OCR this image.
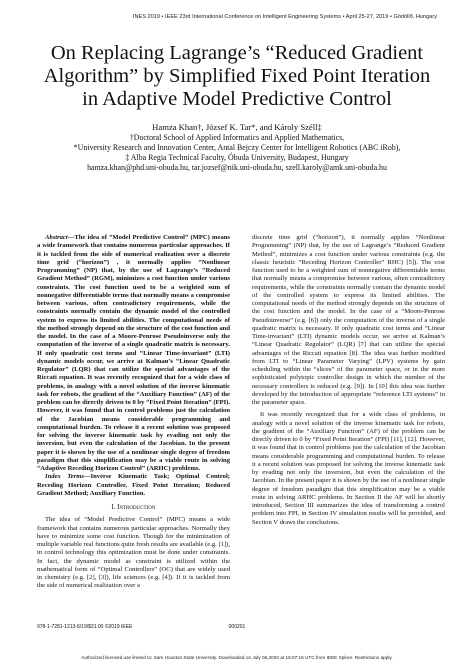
INES 2019 • IEEE 23rd International Conference on Intelligent Engineering Systems • April 25-27, 2019 • Gödöllő, Hungary
On Replacing Lagrange’s “Reduced Gradient Algorithm” by Simplified Fixed Point Iteration in Adaptive Model Predictive Control
Hamza Khan†, József K. Tar*, and Károly Széll‡
†Doctoral School of Applied Informatics and Applied Mathematics,
*University Research and Innovation Center, Antal Bejczy Center for Intelligent Robotics (ABC iRob),
‡ Alba Regia Technical Faculty, Óbuda University, Budapest, Hungary
hamza.khan@phd.uni-obuda.hu, tar.jozsef@nik.uni-obuda.hu, szell.karoly@amk.uni-obuda.hu

Abstract—The idea of “Model Predictive Control” (MPC) means a wide framework that contains numerous particular approaches. If it is tackled from the side of numerical realization over a discrete time grid (“horizon”) , it normally applies “Nonlinear Programming” (NP) that, by the use of Lagrange’s “Reduced Gradient Method” (RGM), minimizes a cost function under various constraints. The cost function used to be a weighted sum of nonnegative differentiable terms that normally means a compromise between various, often contradictory requirements, while the constraints normally contain the dynamic model of the controlled system to express its limited abilities. The computational needs of the method strongly depend on the structure of the cost function and the model. In the case of a Moore-Penrose Pseudoinverse only the computation of the inverse of a single quadratic matrix is necessary. If only quadratic cost terms and “Linear Time-invariant” (LTI) dynamic models occur, we arrive at Kalman’s “Linear Quadratic Regulator” (LQR) that can utilize the special advantages of the Riccati equation. It was recently recognized that for a wide class of problems, in analogy with a novel solution of the inverse kinematic task for robots, the gradient of the “Auxiliary Function” (AF) of the problem can be directly driven to 0 by “Fixed Point Iteration” (FPI). However, it was found that in control problems just the calculation of the Jacobian means considerable programming and computational burden. To release it a recent solution was proposed for solving the inverse kinematic task by evading not only the inversion, but even the calculation of the Jacobian. In the present paper it is shown by the use of a nonlinear single degree of freedom paradigm that this simplification may be a viable route in solving “Adaptive Receding Horizon Control” (ARHC) problems.

Index Terms—Inverse Kinematic Task; Optimal Control; Receding Horizon Controller, Fixed Point Iteration; Reduced Gradient Method; Auxiliary Function.

I. Introduction

The idea of “Model Predictive Control” (MPC) means a wide framework that contains numerous particular approaches. Normally they have to minimize some cost function. Though for the minimization of multiple variable real functions quite fresh results are available (e.g. [1]), in control technology this optimization must be done under constraints. In fact, the dynamic model as constraint is utilized within the mathematical form of “Optimal Controllers” (OC) that are widely used in chemistry (e.g. [2], [3]), life sciences (e.g. [4]). If it is tackled from the side of numerical realization over a

discrete time grid (“horizon”), it normally applies “Nonlinear Programming” (NP) that, by the use of Lagrange’s “Reduced Gradient Method”, minimizes a cost function under various constraints (e.g. the classic heuristic “Receding Horizon Controller” RHC) [5]). The cost function used to be a weighted sum of nonnegative differentiable terms that normally means a compromise between various, often contradictory requirements, while the constraints normally contain the dynamic model of the controlled system to express its limited abilities. The computational needs of the method strongly depends on the structure of the cost function and the model. In the case of a “Moore-Penrose Pseudoinverse” (e.g. [6]) only the computation of the inverse of a single quadratic matrix is necessary. If only quadratic cost terms and “Linear Time-invariant” (LTI) dynamic models occur, we arrive at Kalman’s “Linear Quadratic Regulator” (LQR) [7] that can utilize the special advantages of the Riccati equation [8]. The idea was further modified from LTI to “Linear Parameter Varying” (LPV) systems by gain scheduling within the “slices” of the parameter space, or in the more sophisticated polytopic controller design in which the number of the necessary controllers is reduced (e.g. [9]). In [10] this idea was further developed by the introduction of appropriate “reference LTI systems” in the parameter space.

It was recently recognized that for a wide class of problems, in analogy with a novel solution of the inverse kinematic task for robots, the gradient of the “Auxiliary Function” (AF) of the problem can be directly driven to 0 by “Fixed Point Iteration” (FPI) [11], [12]. However, it was found that in control problems just the calculation of the Jacobian means considerable programming and computational burden. To release it a recent solution was proposed for solving the inverse kinematic task by evading not only the inversion, but even the calculation of the Jacobian. In the present paper it is shown by the use of a nonlinear single degree of freedom paradigm that this simplification may be a viable route in solving ARHC problems. In Section II the AF will be shortly introduced, Section III summarizes the idea of transforming a control problem into FPI, in Section IV simulation results will be provided, and Section V draws the conclusions.

978-1-7281-1213-6/19/$31.00 ©2019 IEEE	000201
Authorized licensed use limited to: Sam Houston State University. Downloaded on July 06,2020 at 16:07:16 UTC from IEEE Xplore. Restrictions apply.
